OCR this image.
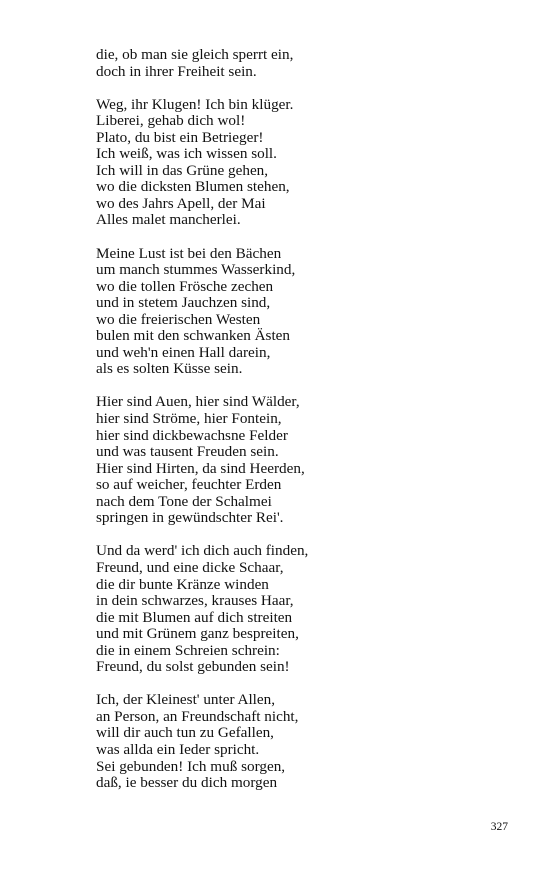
die, ob man sie gleich sperrt ein,
doch in ihrer Freiheit sein.
Weg, ihr Klugen! Ich bin klüger.
Liberei, gehab dich wol!
Plato, du bist ein Betrieger!
Ich weiß, was ich wissen soll.
Ich will in das Grüne gehen,
wo die dicksten Blumen stehen,
wo des Jahrs Apell, der Mai
Alles malet mancherlei.
Meine Lust ist bei den Bächen
um manch stummes Wasserkind,
wo die tollen Frösche zechen
und in stetem Jauchzen sind,
wo die freierischen Westen
bulen mit den schwanken Ästen
und weh'n einen Hall darein,
als es solten Küsse sein.
Hier sind Auen, hier sind Wälder,
hier sind Ströme, hier Fontein,
hier sind dickbewachsne Felder
und was tausent Freuden sein.
Hier sind Hirten, da sind Heerden,
so auf weicher, feuchter Erden
nach dem Tone der Schalmei
springen in gewündschter Rei'.
Und da werd' ich dich auch finden,
Freund, und eine dicke Schaar,
die dir bunte Kränze winden
in dein schwarzes, krauses Haar,
die mit Blumen auf dich streiten
und mit Grünem ganz bespreiten,
die in einem Schreien schrein:
Freund, du solst gebunden sein!
Ich, der Kleinest' unter Allen,
an Person, an Freundschaft nicht,
will dir auch tun zu Gefallen,
was allda ein Ieder spricht.
Sei gebunden! Ich muß sorgen,
daß, ie besser du dich morgen
327
